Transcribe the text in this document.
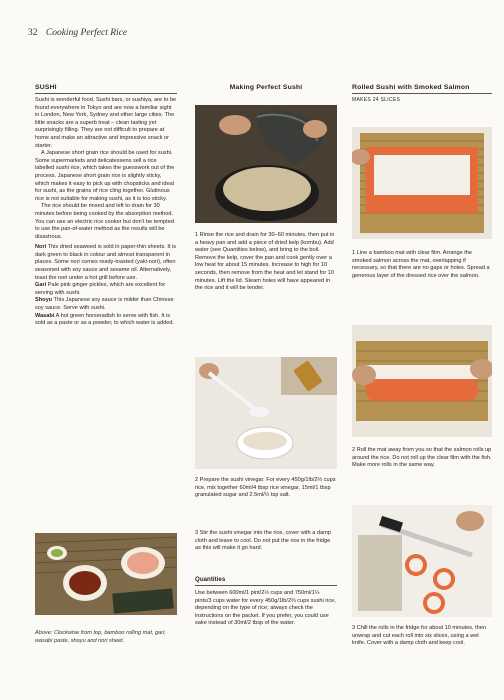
32 Cooking Perfect Rice
SUSHI

Sushi is wonderful food. Sushi bars, or sushiya, are to be found everywhere in Tokyo and are now a familiar sight in London, New York, Sydney and other large cities. The little snacks are a superb treat – clean tasting yet surprisingly filling. They are not difficult to prepare at home and make an attractive and impressive snack or starter.

A Japanese short grain rice should be used for sushi. Some supermarkets and delicatessens sell a rice labelled sushi rice, which takes the guesswork out of the process. Japanese short grain rice is slightly sticky, which makes it easy to pick up with chopsticks and ideal for sushi, as the grains of rice cling together. Glutinous rice is not suitable for making sushi, as it is too sticky.

The rice should be rinsed and left to drain for 30 minutes before being cooked by the absorption method. You can use an electric rice cooker but don't be tempted to use the pan-of-water method as the results will be disastrous.

Nori This dried seaweed is sold in paper-thin sheets. It is dark green to black in colour and almost transparent in places. Some nori comes ready-toasted (yaki-nori), often seasoned with soy sauce and sesame oil. Alternatively, toast the nori under a hot grill before use.

Gari Pale pink ginger pickles, which are excellent for serving with sushi.

Shoyu This Japanese soy sauce is milder than Chinese soy sauce. Serve with sushi.

Wasabi A hot green horseradish to serve with fish. It is sold as a paste or as a powder, to which water is added.

Above: Clockwise from top, bamboo rolling mat, gari, wasabi paste, shoyu and nori sheet.
Making Perfect Sushi

1 Rinse the rice and drain for 30–60 minutes, then put in a heavy pan and add a piece of dried kelp (kombu). Add water (see Quantities below), and bring to the boil. Remove the kelp, cover the pan and cook gently over a low heat for about 15 minutes. Increase to high for 10 seconds, then remove from the heat and let stand for 10 minutes. Lift the lid. Steam holes will have appeared in the rice and it will be tender.

2 Prepare the sushi vinegar. For every 450g/1lb/2⅔ cups rice, mix together 60ml/4 tbsp rice vinegar, 15ml/1 tbsp granulated sugar and 2.5ml/½ tsp salt.

3 Stir the sushi vinegar into the rice, cover with a damp cloth and leave to cool. Do not put the rice in the fridge as this will make it go hard.

Quantities

Use between 600ml/1 pint/2½ cups and 750ml/1¼ pints/3 cups water for every 450g/1lb/2⅔ cups sushi rice, depending on the type of rice; always check the instructions on the packet. If you prefer, you could use sake instead of 30ml/2 tbsp of the water.

Rolled Sushi with Smoked Salmon
MAKES 24 SLICES

1 Line a bamboo mat with clear film. Arrange the smoked salmon across the mat, overlapping if necessary, so that there are no gaps or holes. Spread a generous layer of the dressed rice over the salmon.

2 Roll the mat away from you so that the salmon rolls up around the rice. Do not roll up the clear film with the fish. Make more rolls in the same way.

3 Chill the rolls in the fridge for about 10 minutes, then unwrap and cut each roll into six slices, using a wet knife. Cover with a damp cloth and keep cool.
